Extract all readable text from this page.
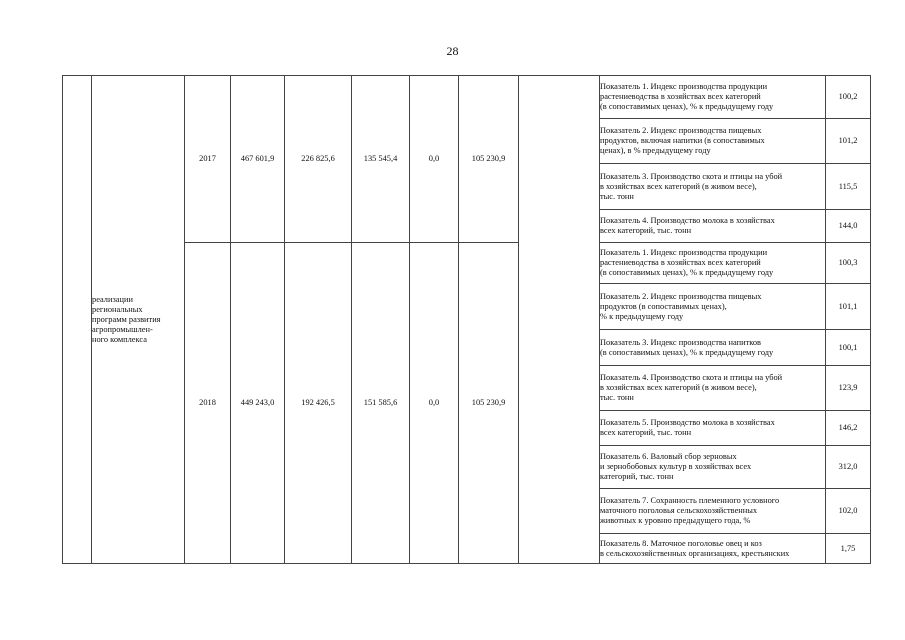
28

	реализации
региональных
программ развития
агропромышлен-
ного комплекса	2017	467 601,9	226 825,6	135 545,4	0,0	105 230,9		Показатель 1. Индекс производства продукции
растениеводства в хозяйствах всех категорий
(в сопоставимых ценах), % к предыдущему году	100,2

									Показатель 2. Индекс производства пищевых
продуктов, включая напитки (в сопоставимых
ценах), в % предыдущему году	101,2

									Показатель 3. Производство скота и птицы на убой
в хозяйствах всех категорий (в живом весе),
тыс. тонн	115,5

									Показатель 4. Производство молока в хозяйствах
всех категорий, тыс. тонн	144,0
		2018	449 243,0	192 426,5	151 585,6	0,0	105 230,9		Показатель 1. Индекс производства продукции
растениеводства в хозяйствах всех категорий
(в сопоставимых ценах), % к предыдущему году	100,3

									Показатель 2. Индекс производства пищевых
продуктов (в сопоставимых ценах),
% к предыдущему году	101,1

									Показатель 3. Индекс производства напитков
(в сопоставимых ценах), % к предыдущему году	100,1

									Показатель 4. Производство скота и птицы на убой
в хозяйствах всех категорий (в живом весе),
тыс. тонн	123,9

									Показатель 5. Производство молока в хозяйствах
всех категорий, тыс. тонн	146,2

									Показатель 6. Валовый сбор зерновых
и зернобобовых культур в хозяйствах всех
категорий, тыс. тонн	312,0

									Показатель 7. Сохранность племенного условного
маточного поголовья сельскохозяйственных
животных к уровню предыдущего года, %	102,0

									Показатель 8. Маточное поголовье овец и коз
в сельскохозяйственных организациях, крестьянских	1,75
